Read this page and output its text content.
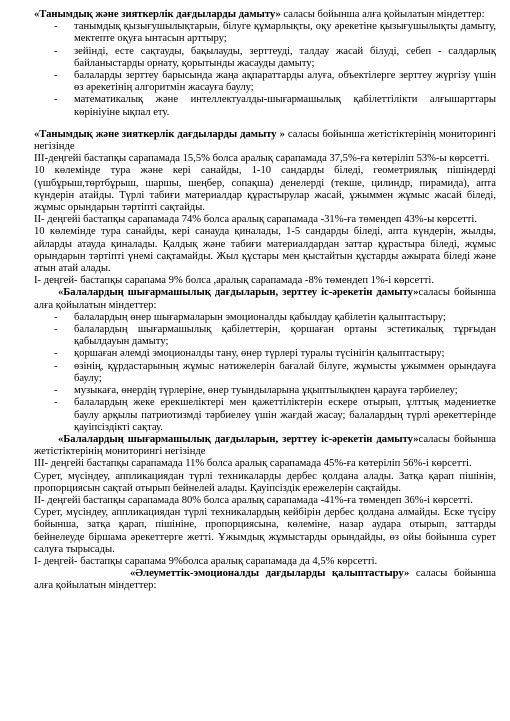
«Танымдық және зияткерлік дағдыларды дамыту» саласы бойынша алға қойылатын міндеттер:

- танымдық қызығушылықтарын, білуге құмарлықты, оқу әрекетіне қызығушылықты дамыту, мектепте оқуға ынтасын арттыру;
- зейінді, есте сақтауды, бақылауды, зерттеуді, талдау жасай білуді, себеп - салдарлық байланыстарды орнату, қорытынды жасауды дамыту;
- балаларды зерттеу барысында жаңа ақпараттарды алуға, объектілерге зерттеу жүргізу үшін өз әрекетінің алгоритмін жасауға баулу;
- математикалық және интеллектуалды-шығармашылық қабілеттілікти алғышарттары көрініуіне ықпал ету.

«Танымдық және зияткерлік дағдыларды дамыту » саласы бойынша жетістіктерінің мониторингі негізінде

III-деңгейі бастапқы сарапамада 15,5% болса аралық сарапамада 37,5%-ға көтерілiп 53%-ы көрсетті.

10 көлемінде тура және кері санайды, 1-10 сандарды біледі, геометриялық пішіндерді (үшбұрыш,төртбұрыш, шаршы, шеңбер, сопақша) денелерді (текше, цилиндр, пирамида), апта күндерін атайды. Түрлі табиғи материалдар құрастырулар жасай, ұжыммен жұмыс жасай біледі, жұмыс орындарын тәртіпті сақтайды.

II- деңгейі бастапқы сарапамада 74% болса аралық сарапамада -31%-ға төмендеп 43%-ы көрсетті.

10 көлемінде тура санайды, кері санауда қиналады, 1-5 сандарды біледі, апта күндерін, жылды, айларды атауда қиналады. Қалдық және табиғи материалдардан заттар құрастыра біледі, жұмыс орындарын тәртіпті үнемі сақтамайды. Жыл құстары мен қыстайтын құстарды ажырата біледі және атын атай алады.

I- деңгей- бастапқы сарапама 9% болса ,аралық сарапамада -8% төмендеп 1%-і көрсетті.

«Балалардың шығармашылық дағдыларын, зерттеу іс-әрекетін дамыту»саласы бойынша алға қойылатын міндеттер:

- балалардың өнер шығармаларын эмоционалды қабылдау қабілетін қалыптастыру;
- балалардың шығармашылық қабілеттерін, қоршаған ортаны эстетикалық тұрғыдан қабылдауын дамыту;
- қоршаған әлемді эмоционалды тану, өнер түрлері туралы түсінігін қалыптастыру;
- өзінің, құрдастарының жұмыс нәтижелерін бағалай білуге, жұмысты ұжыммен орындауға баулу;
- музыкаға, өнердің түрлеріне, өнер туындыларына ұқыптылықпен қарауға тәрбиелеу;
- балалардың жеке ерекшеліктері мен қажеттіліктерін ескере отырып, ұлттық мәдениетке баулу арқылы патриотизмді тәрбиелеу үшін жағдай жасау; балалардың түрлі әрекеттерінде қауіпсіздікті сақтау.

«Балалардың шығармашылық дағдыларын, зерттеу іс-әрекетін дамыту»саласы бойынша жетістіктерінің мониторингі негізінде

III- деңгейі бастапқы сарапамада 11% болса аралық сарапамада 45%-ға көтерілiп 56%-і көрсетті.

Сурет, мүсіндеу, аппликациядан түрлі техникаларды дербес қолдана алады. Затқа қарап пішінін, пропорциясын сақтай отырып бейнелей алады. Қауіпсіздік ережелерін сақтайды.

II- деңгейі бастапқы сарапамада 80% болса аралық сарапамада -41%-ға төмендеп 36%-і көрсетті.

Сурет, мүсіндеу, аппликациядан түрлі техникалардың кейбірін дербес қолдана алмайды. Еске түсіру бойынша, затқа қарап, пішініне, пропорциясына, көлеміне, назар аудара отырып, заттарды бейнелеуде біршама әрекеттерге жетті. Ұжымдық жұмыстарды орындайды, өз ойы бойынша сурет салуға тырысады.

I- деңгей- бастапқы сарапама 9%болса аралық сарапамада да 4,5% көрсетті.

«Әлеуметтік-эмоционалды дағдыларды қалыптастыру» саласы бойынша алға қойылатын міндеттер:
